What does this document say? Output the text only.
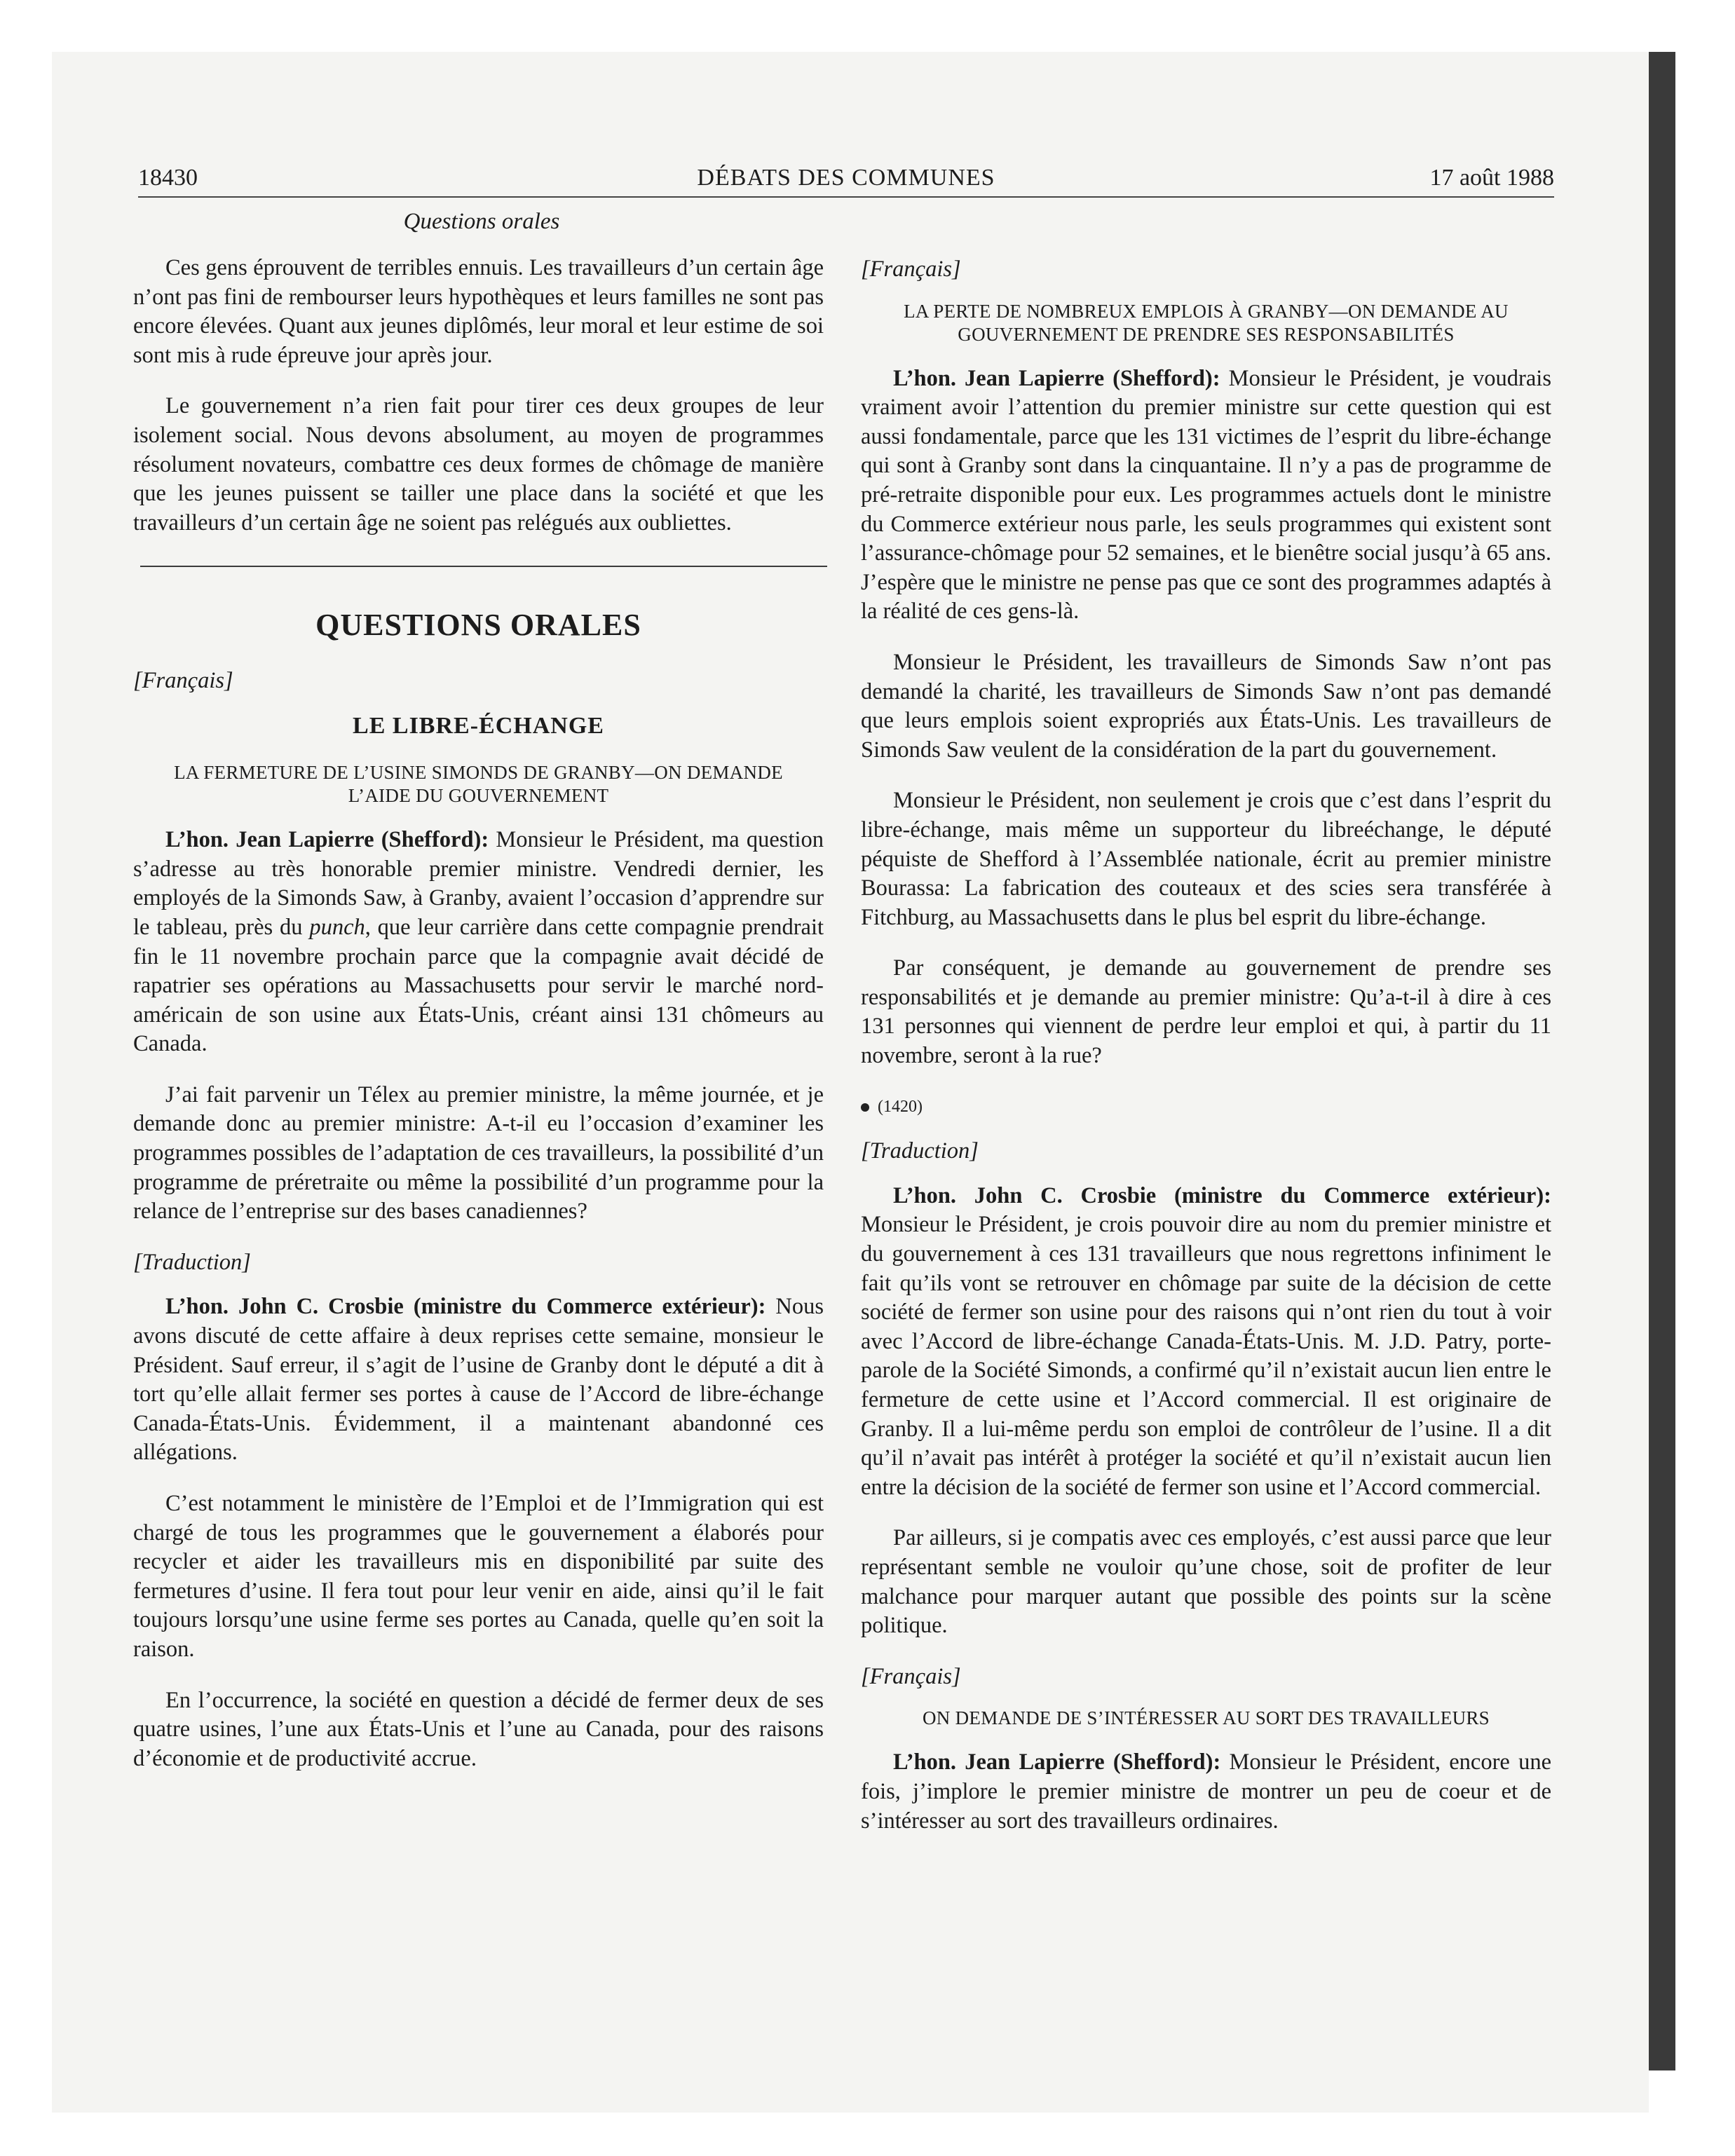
18430	DÉBATS DES COMMUNES	17 août 1988
Questions orales

Ces gens éprouvent de terribles ennuis. Les travailleurs d’un certain âge n’ont pas fini de rembourser leurs hypothèques et leurs familles ne sont pas encore élevées. Quant aux jeunes diplômés, leur moral et leur estime de soi sont mis à rude épreuve jour après jour.

Le gouvernement n’a rien fait pour tirer ces deux groupes de leur isolement social. Nous devons absolument, au moyen de programmes résolument novateurs, combattre ces deux formes de chômage de manière que les jeunes puissent se tailler une place dans la société et que les travailleurs d’un certain âge ne soient pas relégués aux oubliettes.

QUESTIONS ORALES
[Français]
LE LIBRE-ÉCHANGE
LA FERMETURE DE L’USINE SIMONDS DE GRANBY—ON DEMANDE L’AIDE DU GOUVERNEMENT

L’hon. Jean Lapierre (Shefford): Monsieur le Président, ma question s’adresse au très honorable premier ministre. Vendredi dernier, les employés de la Simonds Saw, à Granby, avaient l’occasion d’apprendre sur le tableau, près du punch, que leur carrière dans cette compagnie prendrait fin le 11 novembre prochain parce que la compagnie avait décidé de rapatrier ses opérations au Massachusetts pour servir le marché nord-américain de son usine aux États-Unis, créant ainsi 131 chômeurs au Canada.

J’ai fait parvenir un Télex au premier ministre, la même journée, et je demande donc au premier ministre: A-t-il eu l’occasion d’examiner les programmes possibles de l’adaptation de ces travailleurs, la possibilité d’un programme de préretraite ou même la possibilité d’un programme pour la relance de l’entreprise sur des bases canadiennes?

[Traduction]

L’hon. John C. Crosbie (ministre du Commerce extérieur): Nous avons discuté de cette affaire à deux reprises cette semaine, monsieur le Président. Sauf erreur, il s’agit de l’usine de Granby dont le député a dit à tort qu’elle allait fermer ses portes à cause de l’Accord de libre-échange Canada-États-Unis. Évidemment, il a maintenant abandonné ces allégations.

C’est notamment le ministère de l’Emploi et de l’Immigration qui est chargé de tous les programmes que le gouvernement a élaborés pour recycler et aider les travailleurs mis en disponibilité par suite des fermetures d’usine. Il fera tout pour leur venir en aide, ainsi qu’il le fait toujours lorsqu’une usine ferme ses portes au Canada, quelle qu’en soit la raison.

En l’occurrence, la société en question a décidé de fermer deux de ses quatre usines, l’une aux États-Unis et l’une au Canada, pour des raisons d’économie et de productivité accrue.

[Français]
LA PERTE DE NOMBREUX EMPLOIS À GRANBY—ON DEMANDE AU GOUVERNEMENT DE PRENDRE SES RESPONSABILITÉS

L’hon. Jean Lapierre (Shefford): Monsieur le Président, je voudrais vraiment avoir l’attention du premier ministre sur cette question qui est aussi fondamentale, parce que les 131 victimes de l’esprit du libre-échange qui sont à Granby sont dans la cinquantaine. Il n’y a pas de programme de pré-retraite disponible pour eux. Les programmes actuels dont le ministre du Commerce extérieur nous parle, les seuls programmes qui existent sont l’assurance-chômage pour 52 semaines, et le bienêtre social jusqu’à 65 ans. J’espère que le ministre ne pense pas que ce sont des programmes adaptés à la réalité de ces gens-là.

Monsieur le Président, les travailleurs de Simonds Saw n’ont pas demandé la charité, les travailleurs de Simonds Saw n’ont pas demandé que leurs emplois soient expropriés aux États-Unis. Les travailleurs de Simonds Saw veulent de la considération de la part du gouvernement.

Monsieur le Président, non seulement je crois que c’est dans l’esprit du libre-échange, mais même un supporteur du libreéchange, le député péquiste de Shefford à l’Assemblée nationale, écrit au premier ministre Bourassa: La fabrication des couteaux et des scies sera transférée à Fitchburg, au Massachusetts dans le plus bel esprit du libre-échange.

Par conséquent, je demande au gouvernement de prendre ses responsabilités et je demande au premier ministre: Qu’a-t-il à dire à ces 131 personnes qui viennent de perdre leur emploi et qui, à partir du 11 novembre, seront à la rue?

(1420)
[Traduction]

L’hon. John C. Crosbie (ministre du Commerce extérieur): Monsieur le Président, je crois pouvoir dire au nom du premier ministre et du gouvernement à ces 131 travailleurs que nous regrettons infiniment le fait qu’ils vont se retrouver en chômage par suite de la décision de cette société de fermer son usine pour des raisons qui n’ont rien du tout à voir avec l’Accord de libre-échange Canada-États-Unis. M. J.D. Patry, porte-parole de la Société Simonds, a confirmé qu’il n’existait aucun lien entre le fermeture de cette usine et l’Accord commercial. Il est originaire de Granby. Il a lui-même perdu son emploi de contrôleur de l’usine. Il a dit qu’il n’avait pas intérêt à protéger la société et qu’il n’existait aucun lien entre la décision de la société de fermer son usine et l’Accord commercial.

Par ailleurs, si je compatis avec ces employés, c’est aussi parce que leur représentant semble ne vouloir qu’une chose, soit de profiter de leur malchance pour marquer autant que possible des points sur la scène politique.

[Français]
ON DEMANDE DE S’INTÉRESSER AU SORT DES TRAVAILLEURS

L’hon. Jean Lapierre (Shefford): Monsieur le Président, encore une fois, j’implore le premier ministre de montrer un peu de coeur et de s’intéresser au sort des travailleurs ordinaires.
